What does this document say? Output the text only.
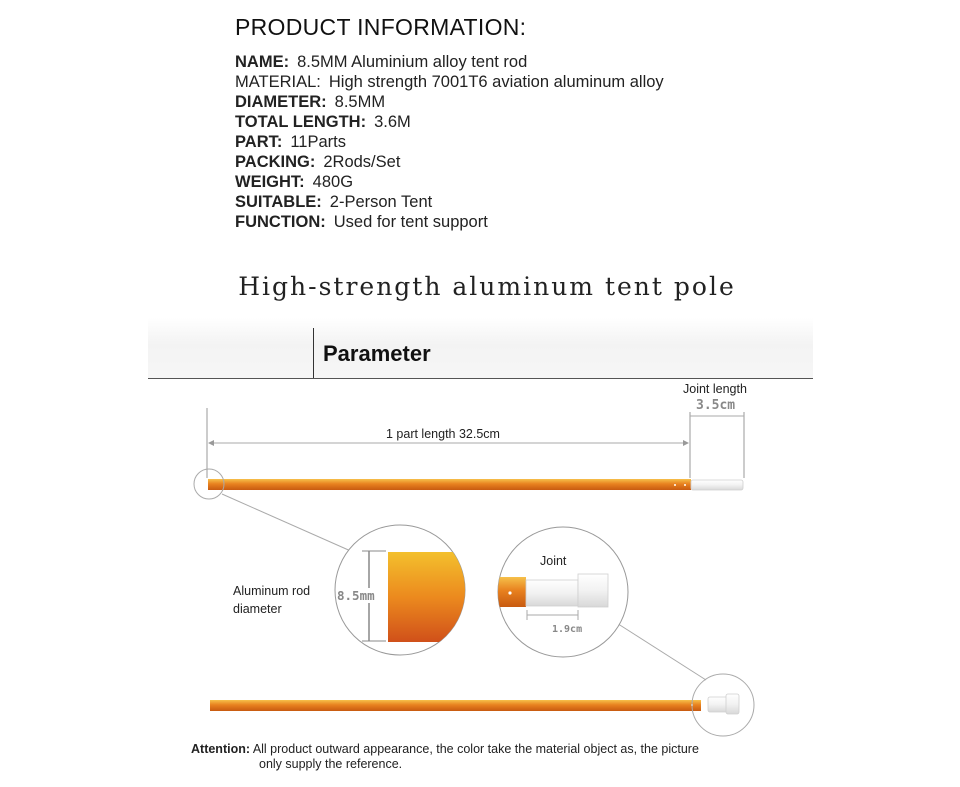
PRODUCT INFORMATION:
NAME: 8.5MM Aluminium alloy tent rod
MATERIAL: High strength 7001T6 aviation aluminum alloy
DIAMETER: 8.5MM
TOTAL LENGTH: 3.6M
PART: 11Parts
PACKING: 2Rods/Set
WEIGHT: 480G
SUITABLE: 2-Person Tent
FUNCTION: Used for tent support
High-strength aluminum tent pole
Parameter
Joint length
3.5cm
1 part length 32.5cm
Aluminum rod
diameter
8.5mm
Joint
1.9cm
Attention: All product outward appearance, the color take the material object as, the picture
only supply the reference.
